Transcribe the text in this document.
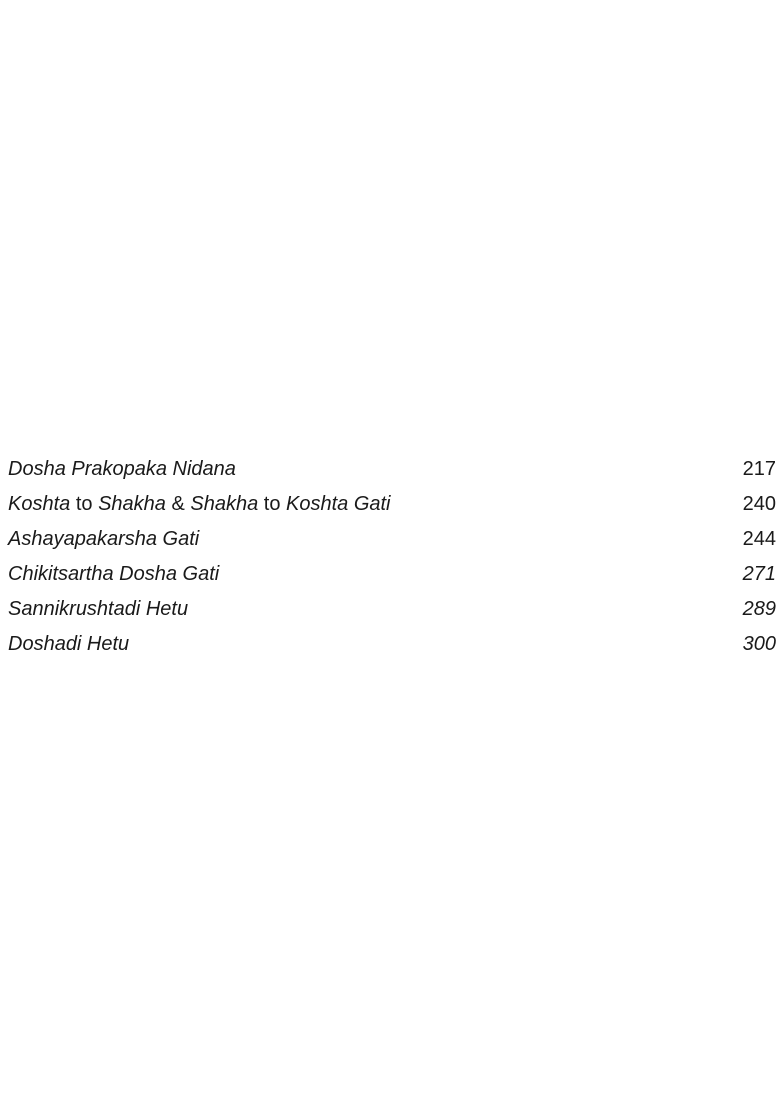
Dosha Prakopaka Nidana	217
Koshta to Shakha & Shakha to Koshta Gati	240
Ashayapakarsha Gati	244
Chikitsartha Dosha Gati	271
Sannikrushtadi Hetu	289
Doshadi Hetu	300
